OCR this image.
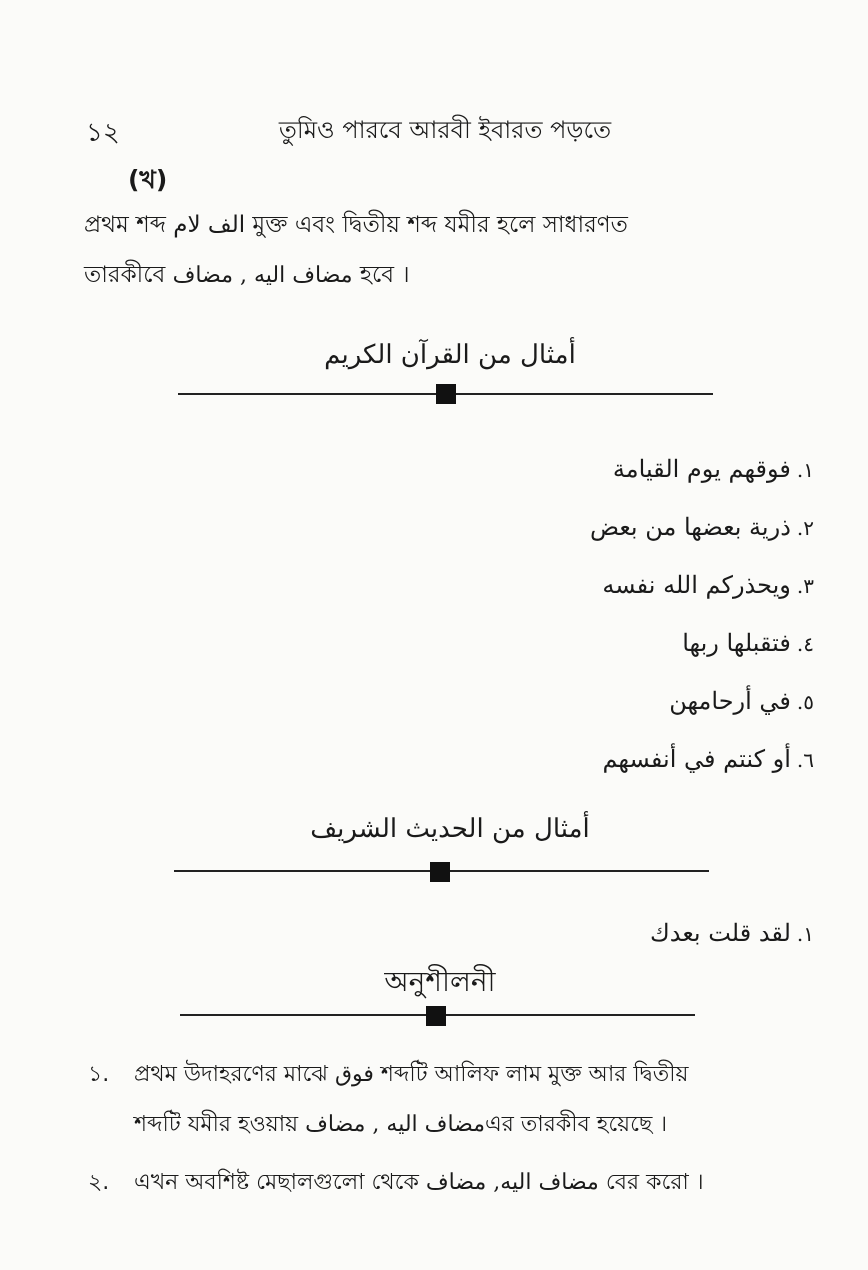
১২	তুমিও পারবে আরবী ইবারত পড়তে
(খ)
প্রথম শব্দ الف لام মুক্ত এবং দ্বিতীয় শব্দ যমীর হলে সাধারণত
তারকীবে مضاف اليه , مضاف হবে ।
أمثال من القرآن الكريم
١.فوقهم يوم القيامة
٢.ذرية بعضها من بعض
٣.ويحذركم الله نفسه
٤.فتقبلها ربها
٥.في أرحامهن
٦.أو كنتم في أنفسهم
أمثال من الحديث الشريف
١.لقد قلت بعدك
অনুশীলনী
১.	প্রথম উদাহরণের মাঝে فوق শব্দটি আলিফ লাম মুক্ত আর দ্বিতীয়
শব্দটি যমীর হওয়ায় مضاف اليه , مضافএর তারকীব হয়েছে ।
২.	এখন অবশিষ্ট মেছালগুলো থেকে مضاف اليه, مضاف বের করো ।
